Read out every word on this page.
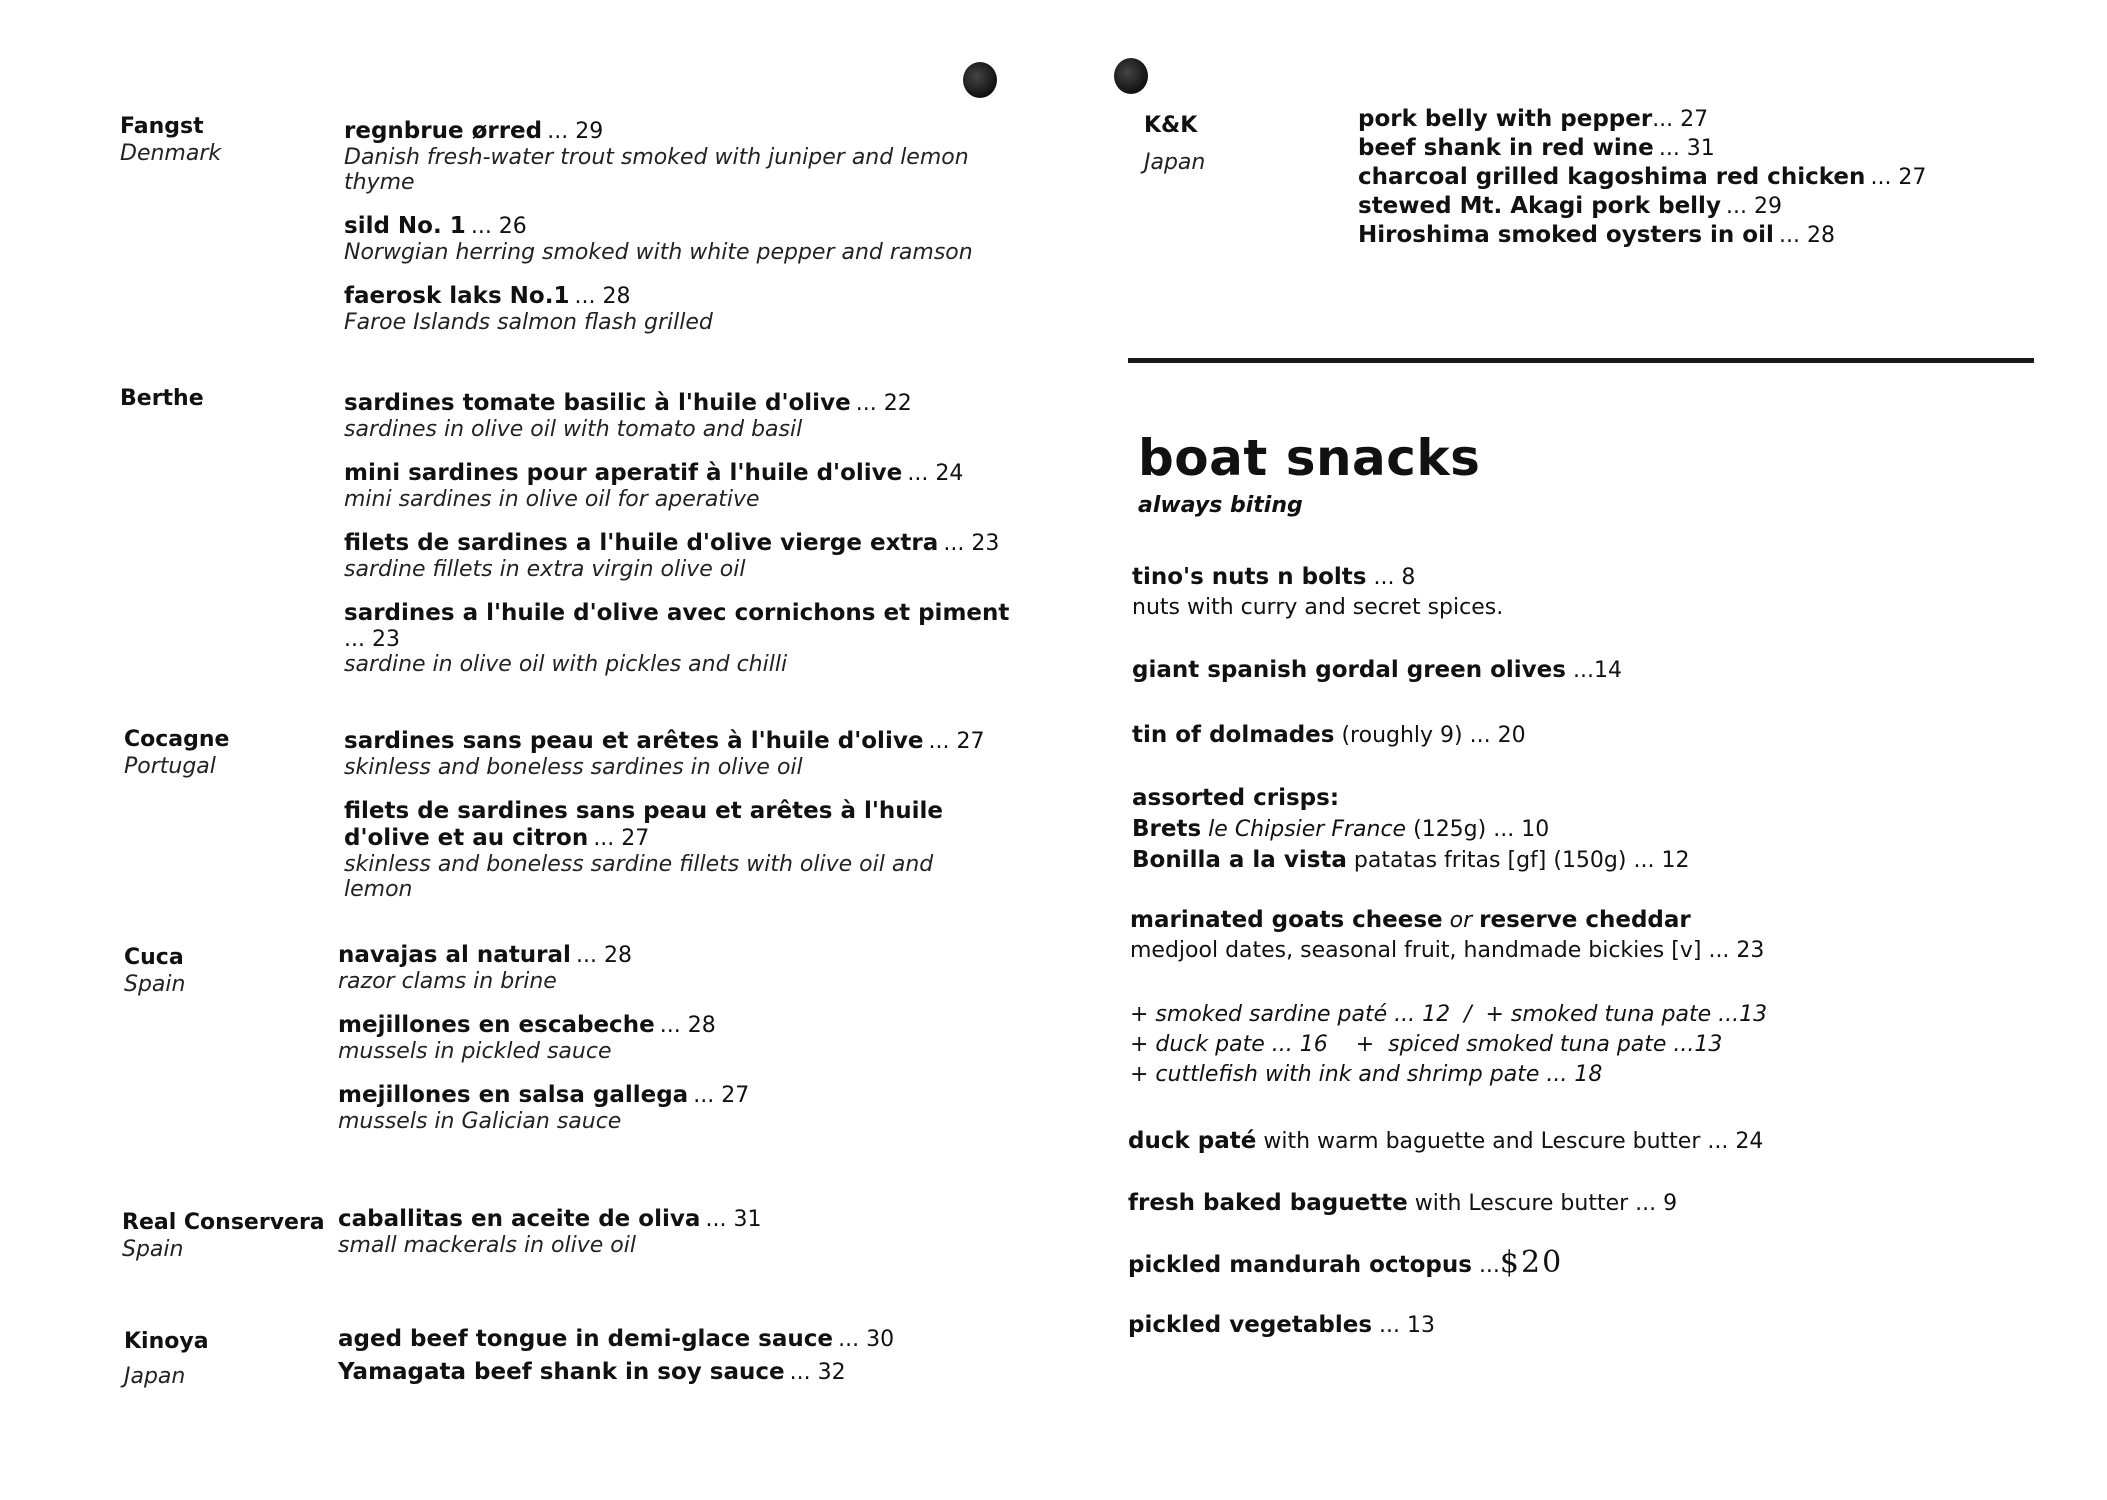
Fangst
Denmark
regnbrue ørred ... 29
Danish fresh-water trout smoked with juniper and lemon thyme
sild No. 1 ... 26
Norwgian herring smoked with white pepper and ramson
faerosk laks No.1 ... 28
Faroe Islands salmon flash grilled
Berthe	sardines tomate basilic à l'huile d'olive ... 22
sardines in olive oil with tomato and basil
mini sardines pour aperatif à l'huile d'olive ... 24
mini sardines in olive oil for aperative
filets de sardines a l'huile d'olive vierge extra ... 23
sardine fillets in extra virgin olive oil
sardines a l'huile d'olive avec cornichons et piment ... 23
sardine in olive oil with pickles and chilli
Cocagne
Portugal
sardines sans peau et arêtes à l'huile d'olive ... 27
skinless and boneless sardines in olive oil
filets de sardines sans peau et arêtes à l'huile d'olive et au citron ... 27
skinless and boneless sardine fillets with olive oil and lemon
Cuca
Spain
navajas al natural ... 28
razor clams in brine
mejillones en escabeche ... 28
mussels in pickled sauce
mejillones en salsa gallega ... 27
mussels in Galician sauce
Real Conservera
Spain
caballitas en aceite de oliva ... 31
small mackerals in olive oil
Kinoya
Japan
aged beef tongue in demi-glace sauce ... 30
Yamagata beef shank in soy sauce ... 32
K&K
Japan
pork belly with pepper... 27
beef shank in red wine ... 31
charcoal grilled kagoshima red chicken ... 27
stewed Mt. Akagi pork belly ... 29
Hiroshima smoked oysters in oil ... 28
boat snacks
always biting
tino's nuts n bolts ... 8
nuts with curry and secret spices.
giant spanish gordal green olives ...14
tin of dolmades (roughly 9) ... 20
assorted crisps:
Brets le Chipsier France (125g) ... 10
Bonilla a la vista patatas fritas [gf] (150g) ... 12
marinated goats cheese or reserve cheddar
medjool dates, seasonal fruit, handmade bickies [v] ... 23
+ smoked sardine paté ... 12  /  + smoked tuna pate ...13
+ duck pate ... 16    +  spiced smoked tuna pate ...13
+ cuttlefish with ink and shrimp pate ... 18
duck paté with warm baguette and Lescure butter ... 24
fresh baked baguette with Lescure butter ... 9
pickled mandurah octopus ...$20
pickled vegetables ... 13
